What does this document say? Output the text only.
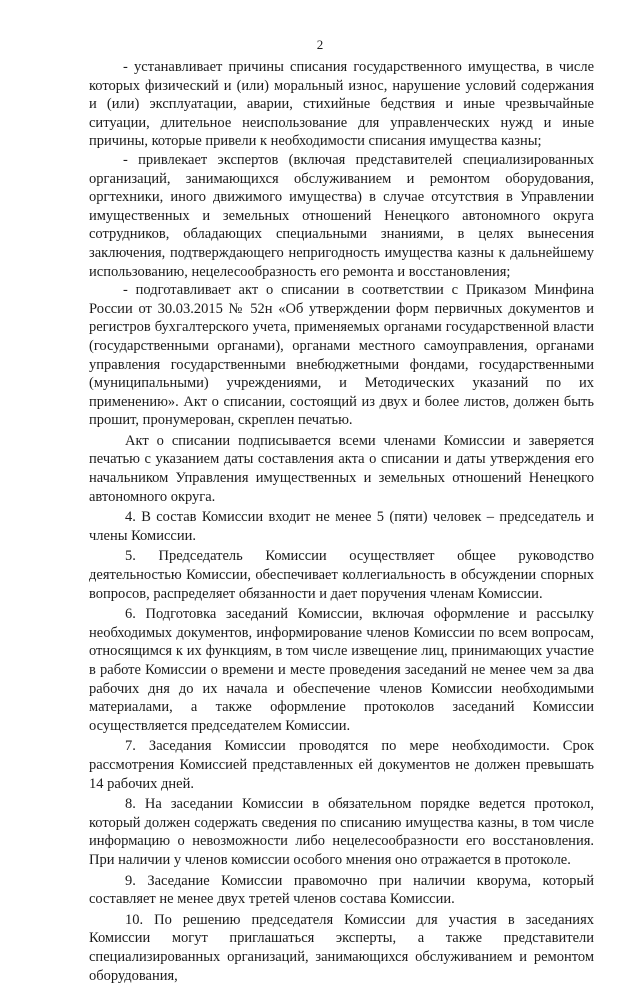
2

- устанавливает причины списания государственного имущества, в числе которых физический и (или) моральный износ, нарушение условий содержания и (или) эксплуатации, аварии, стихийные бедствия и иные чрезвычайные ситуации, длительное неиспользование для управленческих нужд и иные причины, которые привели к необходимости списания имущества казны;

- привлекает экспертов (включая представителей специализированных организаций, занимающихся обслуживанием и ремонтом оборудования, оргтехники, иного движимого имущества) в случае отсутствия в Управлении имущественных и земельных отношений Ненецкого автономного округа сотрудников, обладающих специальными знаниями, в целях вынесения заключения, подтверждающего непригодность имущества казны к дальнейшему использованию, нецелесообразность его ремонта и восстановления;

- подготавливает акт о списании в соответствии с Приказом Минфина России от 30.03.2015 № 52н «Об утверждении форм первичных документов и регистров бухгалтерского учета, применяемых органами государственной власти (государственными органами), органами местного самоуправления, органами управления государственными внебюджетными фондами, государственными (муниципальными) учреждениями, и Методических указаний по их применению». Акт о списании, состоящий из двух и более листов, должен быть прошит, пронумерован, скреплен печатью.

Акт о списании подписывается всеми членами Комиссии и заверяется печатью с указанием даты составления акта о списании и даты утверждения его начальником Управления имущественных и земельных отношений Ненецкого автономного округа.

4. В состав Комиссии входит не менее 5 (пяти) человек – председатель и члены Комиссии.

5. Председатель Комиссии осуществляет общее руководство деятельностью Комиссии, обеспечивает коллегиальность в обсуждении спорных вопросов, распределяет обязанности и дает поручения членам Комиссии.

6. Подготовка заседаний Комиссии, включая оформление и рассылку необходимых документов, информирование членов Комиссии по всем вопросам, относящимся к их функциям, в том числе извещение лиц, принимающих участие в работе Комиссии о времени и месте проведения заседаний не менее чем за два рабочих дня до их начала и обеспечение членов Комиссии необходимыми материалами, а также оформление протоколов заседаний Комиссии осуществляется председателем Комиссии.

7. Заседания Комиссии проводятся по мере необходимости. Срок рассмотрения Комиссией представленных ей документов не должен превышать 14 рабочих дней.

8. На заседании Комиссии в обязательном порядке ведется протокол, который должен содержать сведения по списанию имущества казны, в том числе информацию о невозможности либо нецелесообразности его восстановления. При наличии у членов комиссии особого мнения оно отражается в протоколе.

9. Заседание Комиссии правомочно при наличии кворума, который составляет не менее двух третей членов состава Комиссии.

10. По решению председателя Комиссии для участия в заседаниях Комиссии могут приглашаться эксперты, а также представители специализированных организаций, занимающихся обслуживанием и ремонтом оборудования,
